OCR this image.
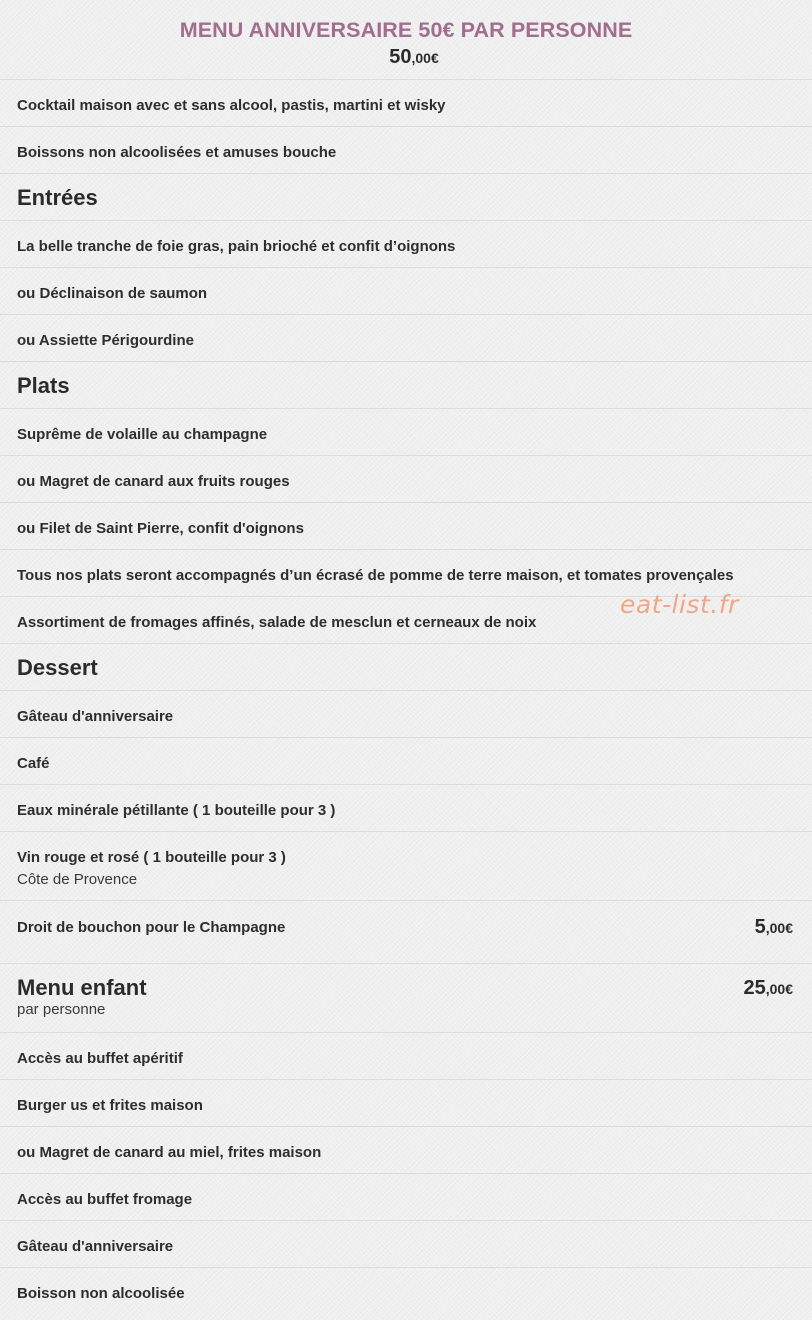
MENU ANNIVERSAIRE 50€ PAR PERSONNE
50,00€
Cocktail maison avec et sans alcool, pastis, martini et wisky
Boissons non alcoolisées et amuses bouche
Entrées
La belle tranche de foie gras, pain brioché et confit d’oignons
ou Déclinaison de saumon
ou Assiette Périgourdine
Plats
Suprême de volaille au champagne
ou Magret de canard aux fruits rouges
ou Filet de Saint Pierre, confit d'oignons
Tous nos plats seront accompagnés d’un écrasé de pomme de terre maison, et tomates provençales
Assortiment de fromages affinés, salade de mesclun et cerneaux de noix
Dessert
Gâteau d'anniversaire
Café
Eaux minérale pétillante ( 1 bouteille pour 3 )
Vin rouge et rosé ( 1 bouteille pour 3 )
Côte de Provence
Droit de bouchon pour le Champagne	5,00€
Menu enfant
par personne
25,00€
Accès au buffet apéritif
Burger us et frites maison
ou Magret de canard au miel, frites maison
Accès au buffet fromage
Gâteau d'anniversaire
Boisson non alcoolisée
eat-list.fr
